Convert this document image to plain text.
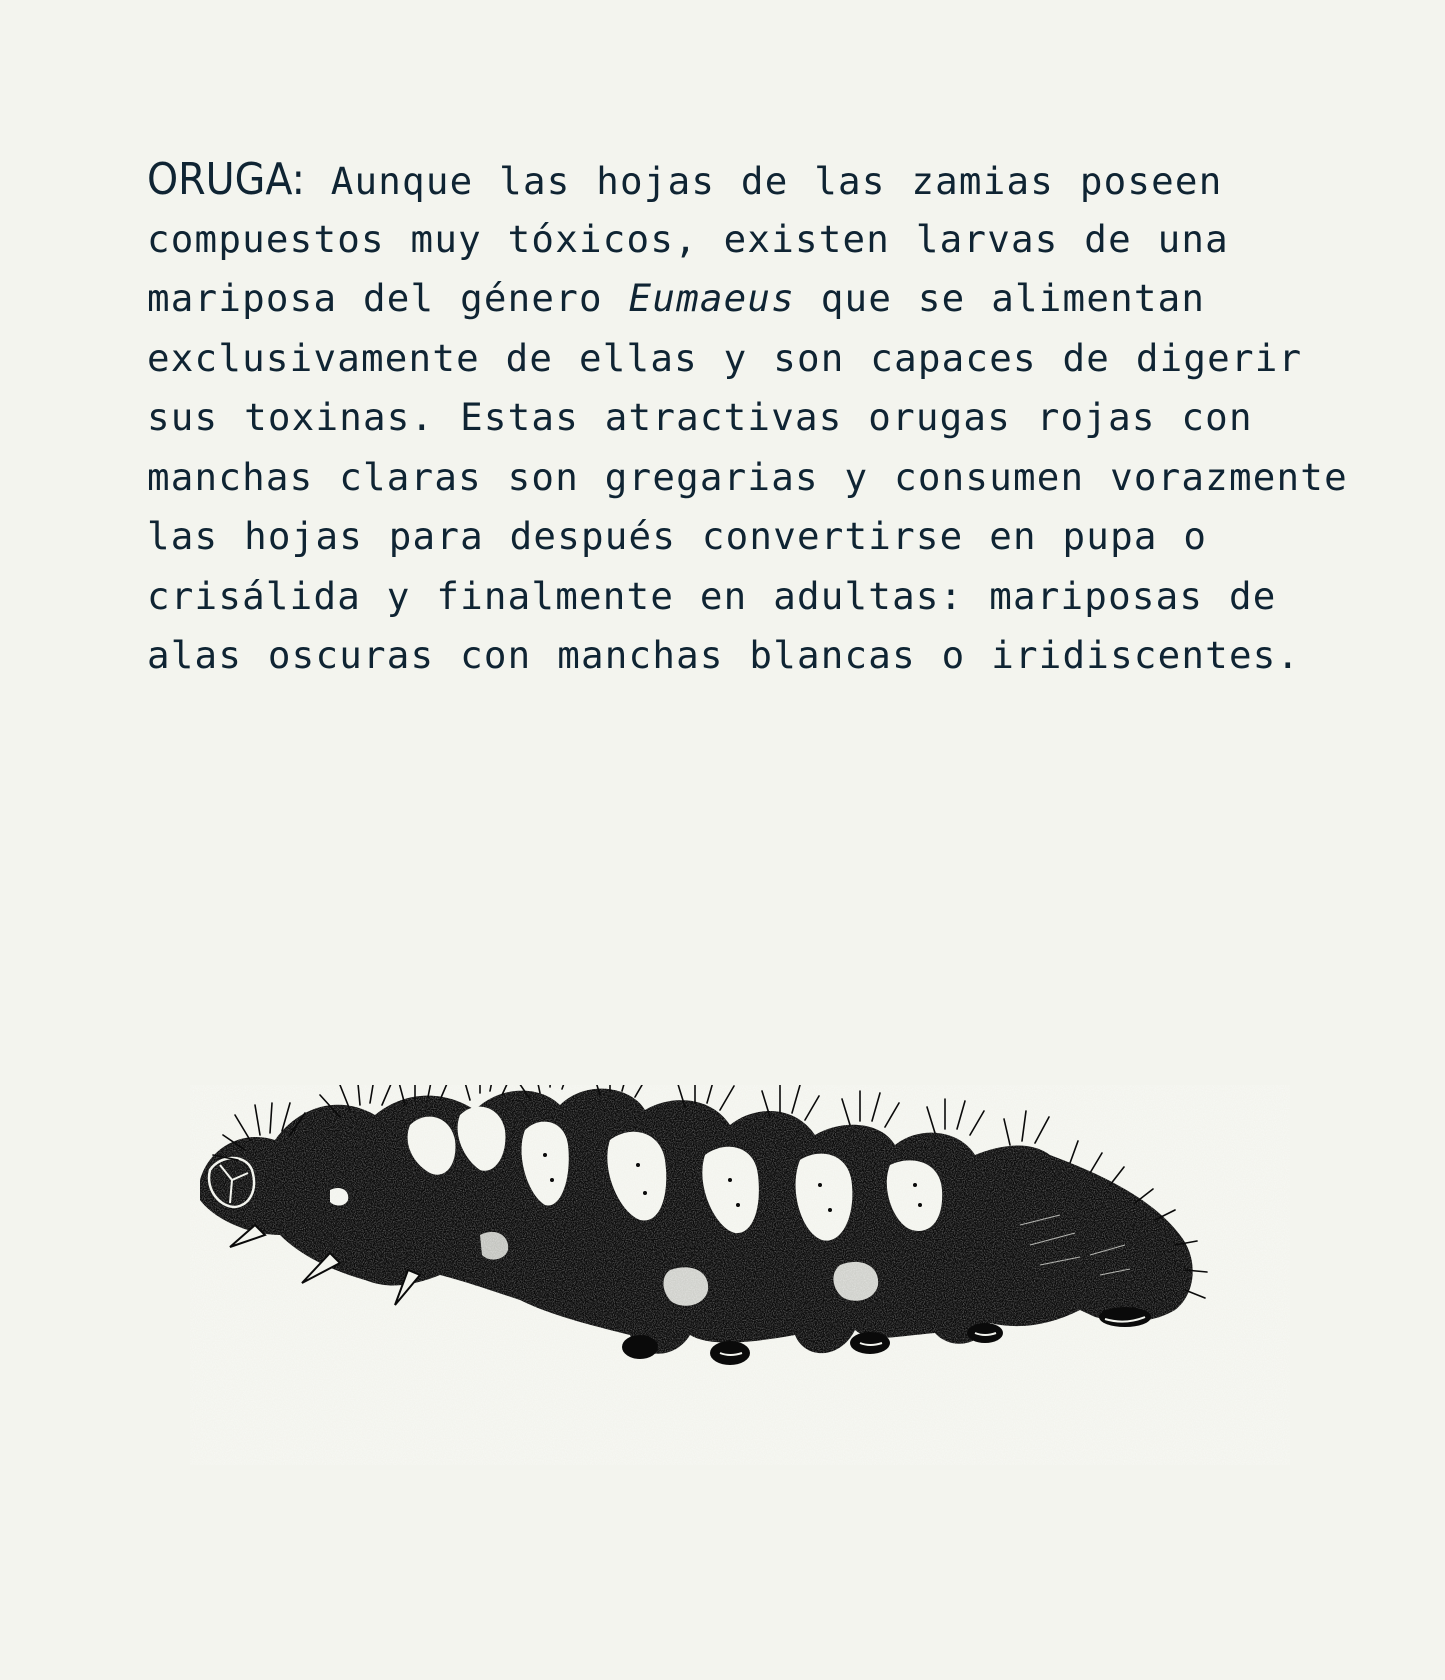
ORUGA: Aunque las hojas de las zamias poseen
compuestos muy tóxicos, existen larvas de una
mariposa del género Eumaeus que se alimentan
exclusivamente de ellas y son capaces de digerir
sus toxinas. Estas atractivas orugas rojas con
manchas claras son gregarias y consumen vorazmente
las hojas para después convertirse en pupa o
crisálida y finalmente en adultas: mariposas de
alas oscuras con manchas blancas o iridiscentes.
